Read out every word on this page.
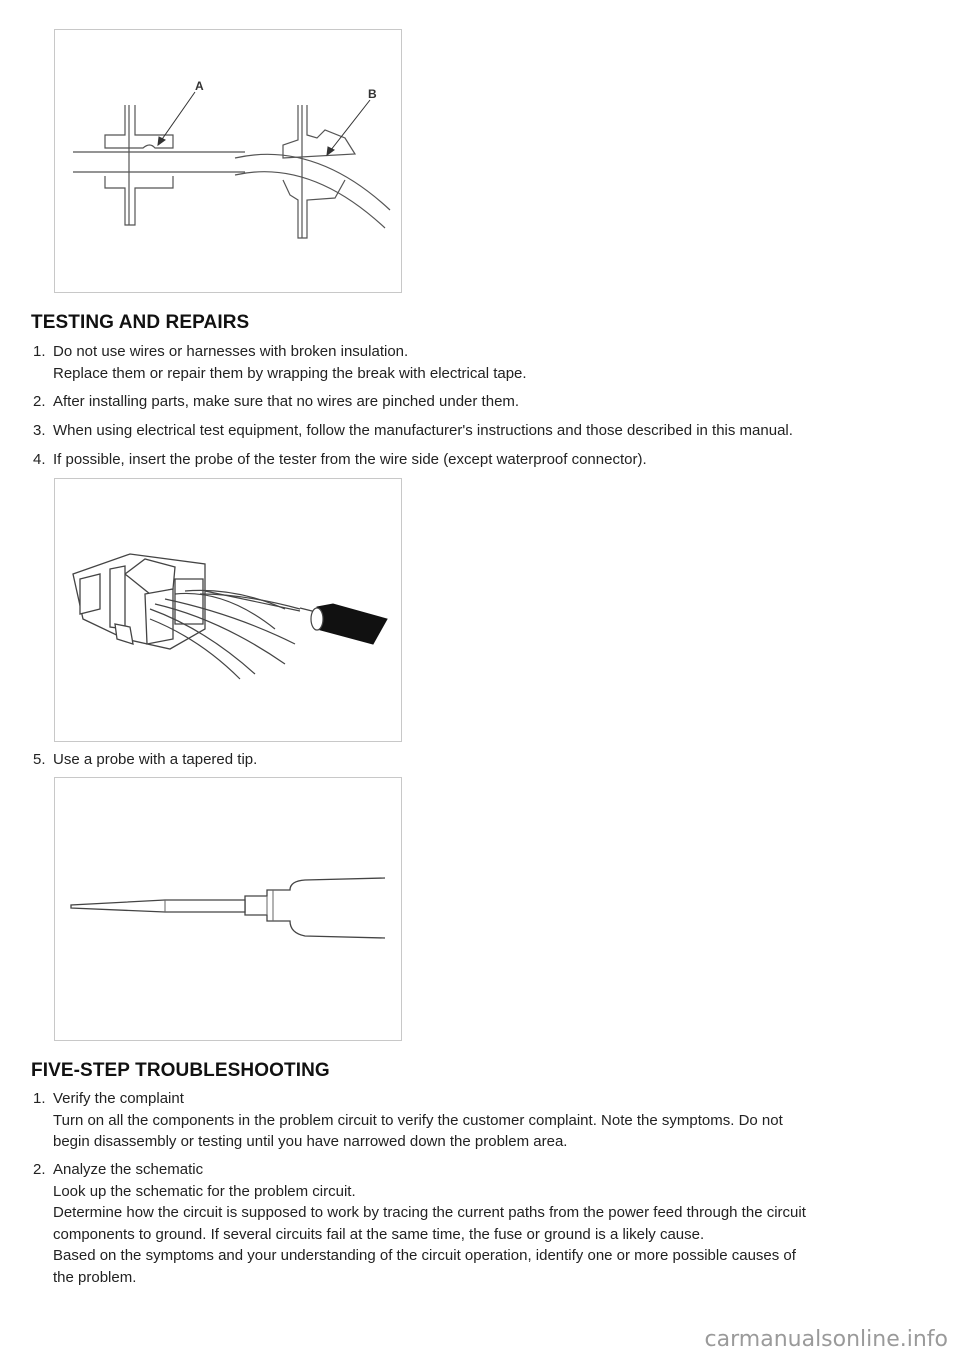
A
B
TESTING AND REPAIRS
1. Do not use wires or harnesses with broken insulation.
Replace them or repair them by wrapping the break with electrical tape.
2. After installing parts, make sure that no wires are pinched under them.
3. When using electrical test equipment, follow the manufacturer's instructions and those described in this manual.
4. If possible, insert the probe of the tester from the wire side (except waterproof connector).
5. Use a probe with a tapered tip.
FIVE-STEP TROUBLESHOOTING
1. Verify the complaint
Turn on all the components in the problem circuit to verify the customer complaint. Note the symptoms. Do not
begin disassembly or testing until you have narrowed down the problem area.
2. Analyze the schematic
Look up the schematic for the problem circuit.
Determine how the circuit is supposed to work by tracing the current paths from the power feed through the circuit
components to ground. If several circuits fail at the same time, the fuse or ground is a likely cause.
Based on the symptoms and your understanding of the circuit operation, identify one or more possible causes of
the problem.
carmanualsonline.info
